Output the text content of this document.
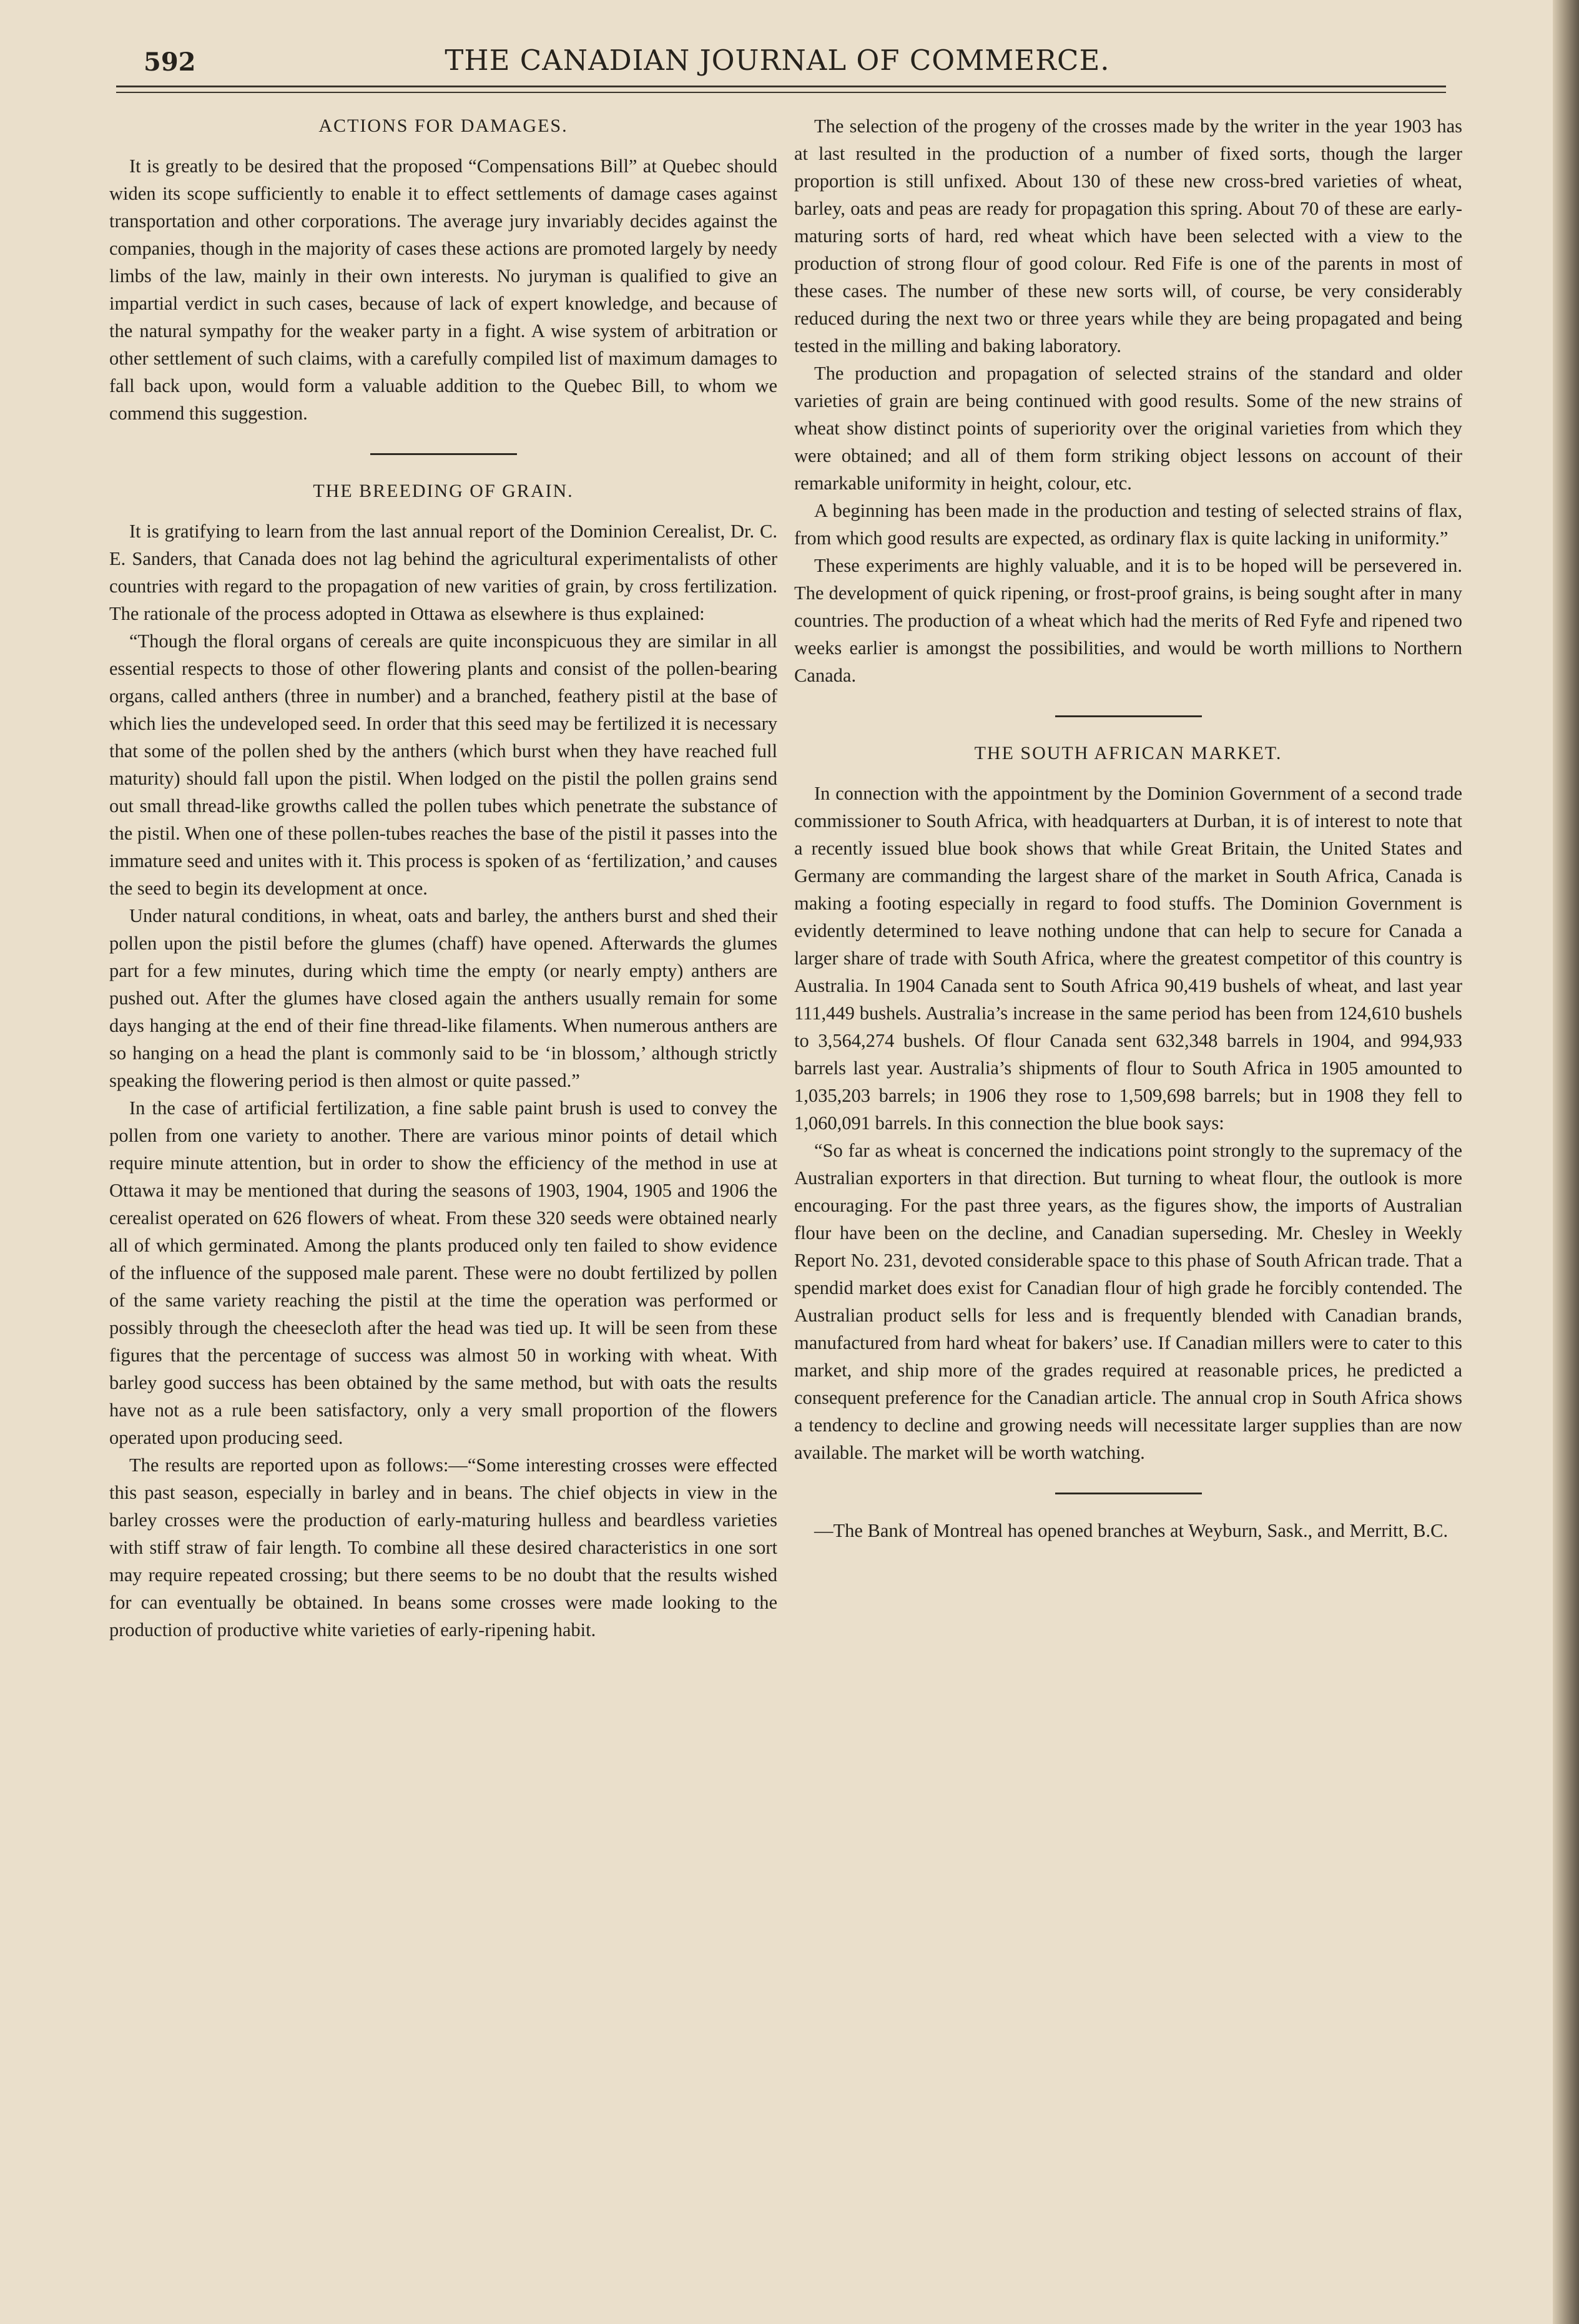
592	THE CANADIAN JOURNAL OF COMMERCE.
ACTIONS FOR DAMAGES.

It is greatly to be desired that the proposed “Compensations Bill” at Quebec should widen its scope sufficiently to enable it to effect settlements of damage cases against transportation and other corporations. The average jury invariably decides against the companies, though in the majority of cases these actions are promoted largely by needy limbs of the law, mainly in their own interests. No juryman is qualified to give an impartial verdict in such cases, because of lack of expert knowledge, and because of the natural sympathy for the weaker party in a fight. A wise system of arbitration or other settlement of such claims, with a carefully compiled list of maximum damages to fall back upon, would form a valuable addition to the Quebec Bill, to whom we commend this suggestion.

THE BREEDING OF GRAIN.

It is gratifying to learn from the last annual report of the Dominion Cerealist, Dr. C. E. Sanders, that Canada does not lag behind the agricultural experimentalists of other countries with regard to the propagation of new varities of grain, by cross fertilization. The rationale of the process adopted in Ottawa as elsewhere is thus explained:

“Though the floral organs of cereals are quite inconspicuous they are similar in all essential respects to those of other flowering plants and consist of the pollen-bearing organs, called anthers (three in number) and a branched, feathery pistil at the base of which lies the undeveloped seed. In order that this seed may be fertilized it is necessary that some of the pollen shed by the anthers (which burst when they have reached full maturity) should fall upon the pistil. When lodged on the pistil the pollen grains send out small thread-like growths called the pollen tubes which penetrate the substance of the pistil. When one of these pollen-tubes reaches the base of the pistil it passes into the immature seed and unites with it. This process is spoken of as ‘fertilization,’ and causes the seed to begin its development at once.

Under natural conditions, in wheat, oats and barley, the anthers burst and shed their pollen upon the pistil before the glumes (chaff) have opened. Afterwards the glumes part for a few minutes, during which time the empty (or nearly empty) anthers are pushed out. After the glumes have closed again the anthers usually remain for some days hanging at the end of their fine thread-like filaments. When numerous anthers are so hanging on a head the plant is commonly said to be ‘in blossom,’ although strictly speaking the flowering period is then almost or quite passed.”

In the case of artificial fertilization, a fine sable paint brush is used to convey the pollen from one variety to another. There are various minor points of detail which require minute attention, but in order to show the efficiency of the method in use at Ottawa it may be mentioned that during the seasons of 1903, 1904, 1905 and 1906 the cerealist operated on 626 flowers of wheat. From these 320 seeds were obtained nearly all of which germinated. Among the plants produced only ten failed to show evidence of the influence of the supposed male parent. These were no doubt fertilized by pollen of the same variety reaching the pistil at the time the operation was performed or possibly through the cheesecloth after the head was tied up. It will be seen from these figures that the percentage of success was almost 50 in working with wheat. With barley good success has been obtained by the same method, but with oats the results have not as a rule been satisfactory, only a very small proportion of the flowers operated upon producing seed.

The results are reported upon as follows:—“Some interesting crosses were effected this past season, especially in barley and in beans. The chief objects in view in the barley crosses were the production of early-maturing hulless and beardless varieties with stiff straw of fair length. To combine all these desired characteristics in one sort may require repeated crossing; but there seems to be no doubt that the results wished for can eventually be obtained. In beans some crosses were made looking to the production of productive white varieties of early-ripening habit.

The selection of the progeny of the crosses made by the writer in the year 1903 has at last resulted in the production of a number of fixed sorts, though the larger proportion is still unfixed. About 130 of these new cross-bred varieties of wheat, barley, oats and peas are ready for propagation this spring. About 70 of these are early-maturing sorts of hard, red wheat which have been selected with a view to the production of strong flour of good colour. Red Fife is one of the parents in most of these cases. The number of these new sorts will, of course, be very considerably reduced during the next two or three years while they are being propagated and being tested in the milling and baking laboratory.

The production and propagation of selected strains of the standard and older varieties of grain are being continued with good results. Some of the new strains of wheat show distinct points of superiority over the original varieties from which they were obtained; and all of them form striking object lessons on account of their remarkable uniformity in height, colour, etc.

A beginning has been made in the production and testing of selected strains of flax, from which good results are expected, as ordinary flax is quite lacking in uniformity.”

These experiments are highly valuable, and it is to be hoped will be persevered in. The development of quick ripening, or frost-proof grains, is being sought after in many countries. The production of a wheat which had the merits of Red Fyfe and ripened two weeks earlier is amongst the possibilities, and would be worth millions to Northern Canada.

THE SOUTH AFRICAN MARKET.

In connection with the appointment by the Dominion Government of a second trade commissioner to South Africa, with headquarters at Durban, it is of interest to note that a recently issued blue book shows that while Great Britain, the United States and Germany are commanding the largest share of the market in South Africa, Canada is making a footing especially in regard to food stuffs. The Dominion Government is evidently determined to leave nothing undone that can help to secure for Canada a larger share of trade with South Africa, where the greatest competitor of this country is Australia. In 1904 Canada sent to South Africa 90,419 bushels of wheat, and last year 111,449 bushels. Australia’s increase in the same period has been from 124,610 bushels to 3,564,274 bushels. Of flour Canada sent 632,348 barrels in 1904, and 994,933 barrels last year. Australia’s shipments of flour to South Africa in 1905 amounted to 1,035,203 barrels; in 1906 they rose to 1,509,698 barrels; but in 1908 they fell to 1,060,091 barrels. In this connection the blue book says:

“So far as wheat is concerned the indications point strongly to the supremacy of the Australian exporters in that direction. But turning to wheat flour, the outlook is more encouraging. For the past three years, as the figures show, the imports of Australian flour have been on the decline, and Canadian superseding. Mr. Chesley in Weekly Report No. 231, devoted considerable space to this phase of South African trade. That a spendid market does exist for Canadian flour of high grade he forcibly contended. The Australian product sells for less and is frequently blended with Canadian brands, manufactured from hard wheat for bakers’ use. If Canadian millers were to cater to this market, and ship more of the grades required at reasonable prices, he predicted a consequent preference for the Canadian article. The annual crop in South Africa shows a tendency to decline and growing needs will necessitate larger supplies than are now available. The market will be worth watching.

—The Bank of Montreal has opened branches at Weyburn, Sask., and Merritt, B.C.
